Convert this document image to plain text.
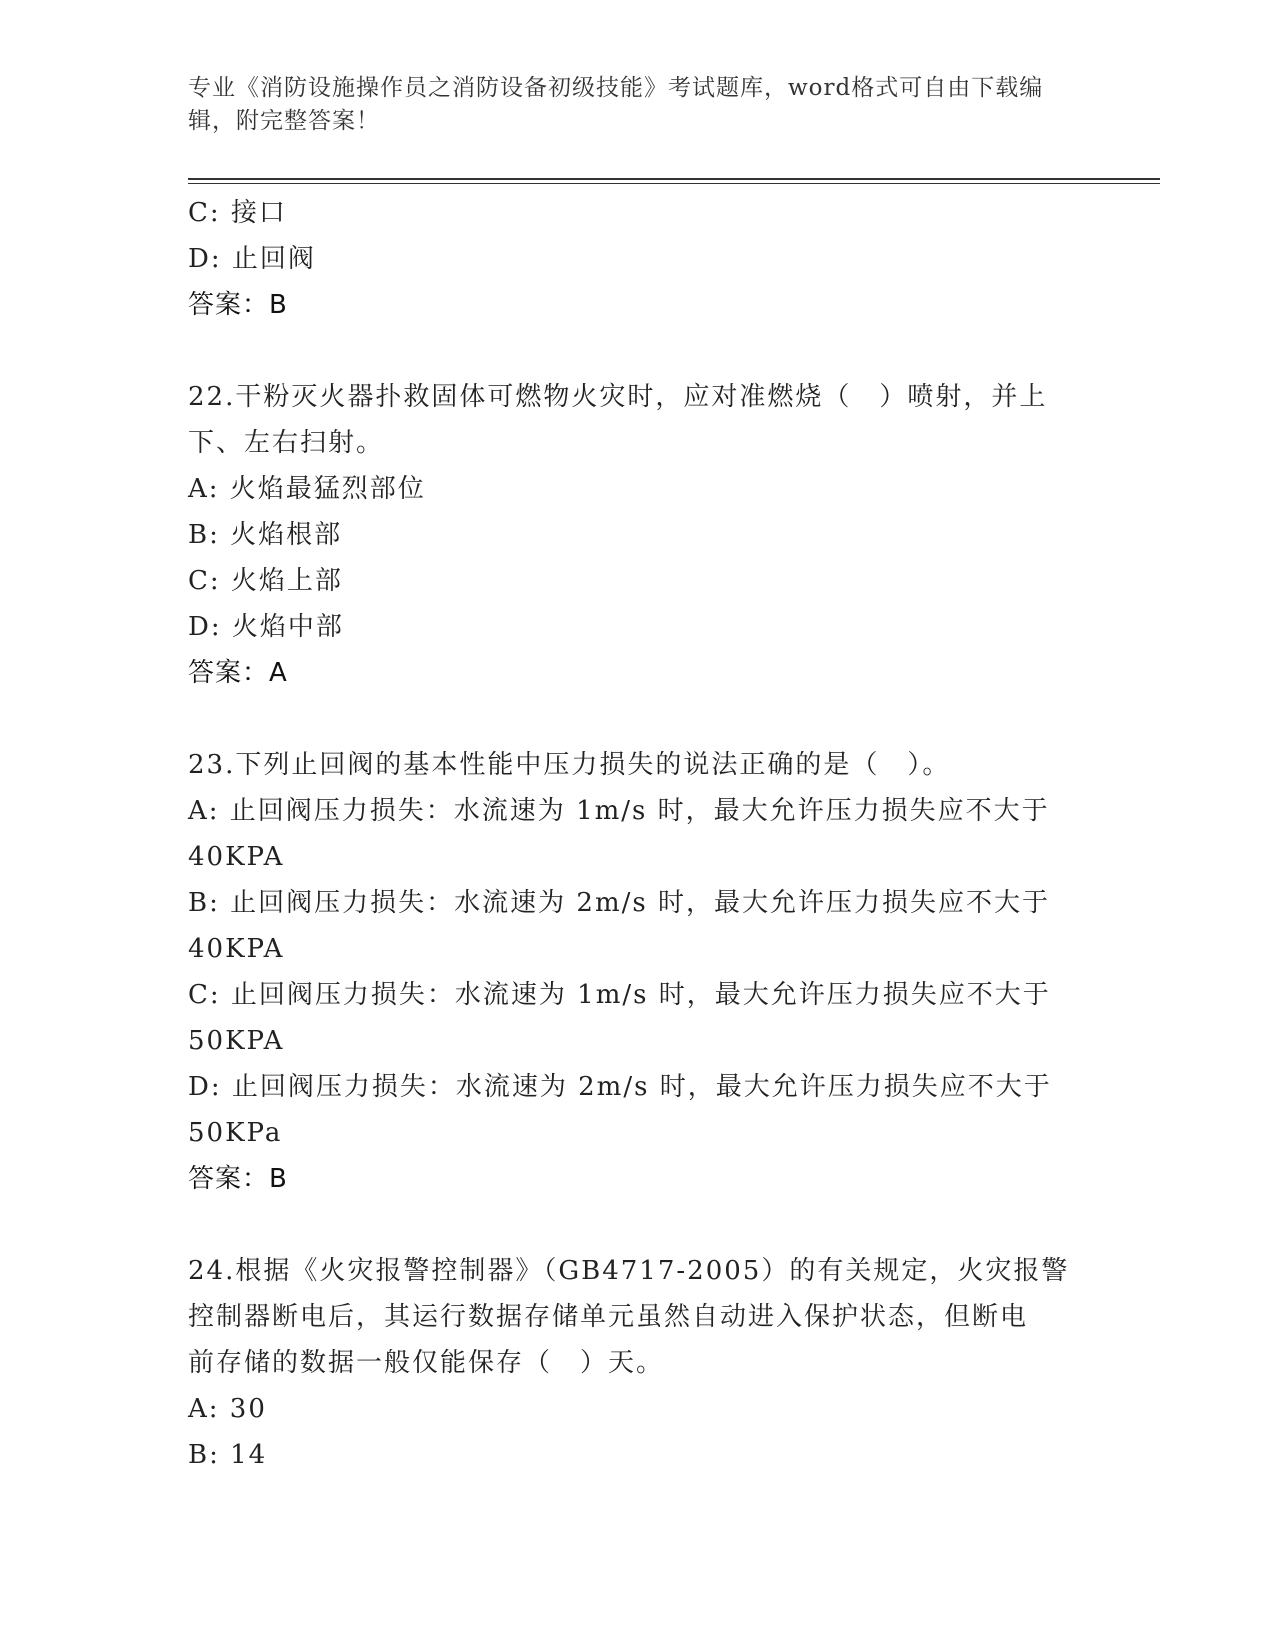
专业《消防设施操作员之消防设备初级技能》考试题库，word格式可自由下载编辑，附完整答案！
C: 接口
D: 止回阀
答案：B
22.干粉灭火器扑救固体可燃物火灾时，应对准燃烧（　）喷射，并上
下、左右扫射。
A: 火焰最猛烈部位
B: 火焰根部
C: 火焰上部
D: 火焰中部
答案：A
23.下列止回阀的基本性能中压力损失的说法正确的是（　）。
A: 止回阀压力损失：水流速为 1m/s 时，最大允许压力损失应不大于
40KPA
B: 止回阀压力损失：水流速为 2m/s 时，最大允许压力损失应不大于
40KPA
C: 止回阀压力损失：水流速为 1m/s 时，最大允许压力损失应不大于
50KPA
D: 止回阀压力损失：水流速为 2m/s 时，最大允许压力损失应不大于
50KPa
答案：B
24.根据《火灾报警控制器》（GB4717-2005）的有关规定，火灾报警
控制器断电后，其运行数据存储单元虽然自动进入保护状态，但断电
前存储的数据一般仅能保存（　）天。
A: 30
B: 14
